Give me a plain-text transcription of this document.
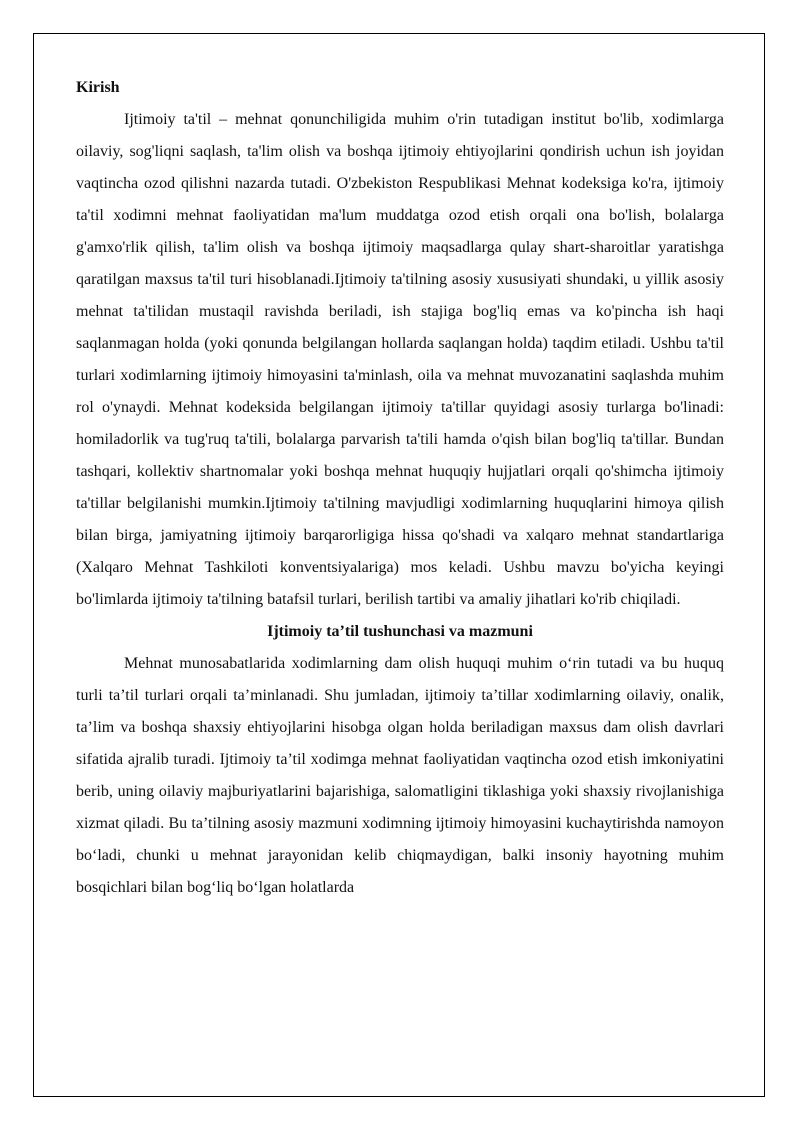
Kirish

Ijtimoiy ta'til – mehnat qonunchiligida muhim o'rin tutadigan institut bo'lib, xodimlarga oilaviy, sog'liqni saqlash, ta'lim olish va boshqa ijtimoiy ehtiyojlarini qondirish uchun ish joyidan vaqtincha ozod qilishni nazarda tutadi. O'zbekiston Respublikasi Mehnat kodeksiga ko'ra, ijtimoiy ta'til xodimni mehnat faoliyatidan ma'lum muddatga ozod etish orqali ona bo'lish, bolalarga g'amxo'rlik qilish, ta'lim olish va boshqa ijtimoiy maqsadlarga qulay shart-sharoitlar yaratishga qaratilgan maxsus ta'til turi hisoblanadi.Ijtimoiy ta'tilning asosiy xususiyati shundaki, u yillik asosiy mehnat ta'tilidan mustaqil ravishda beriladi, ish stajiga bog'liq emas va ko'pincha ish haqi saqlanmagan holda (yoki qonunda belgilangan hollarda saqlangan holda) taqdim etiladi. Ushbu ta'til turlari xodimlarning ijtimoiy himoyasini ta'minlash, oila va mehnat muvozanatini saqlashda muhim rol o'ynaydi. Mehnat kodeksida belgilangan ijtimoiy ta'tillar quyidagi asosiy turlarga bo'linadi: homiladorlik va tug'ruq ta'tili, bolalarga parvarish ta'tili hamda o'qish bilan bog'liq ta'tillar. Bundan tashqari, kollektiv shartnomalar yoki boshqa mehnat huquqiy hujjatlari orqali qo'shimcha ijtimoiy ta'tillar belgilanishi mumkin.Ijtimoiy ta'tilning mavjudligi xodimlarning huquqlarini himoya qilish bilan birga, jamiyatning ijtimoiy barqarorligiga hissa qo'shadi va xalqaro mehnat standartlariga (Xalqaro Mehnat Tashkiloti konventsiyalariga) mos keladi. Ushbu mavzu bo'yicha keyingi bo'limlarda ijtimoiy ta'tilning batafsil turlari, berilish tartibi va amaliy jihatlari ko'rib chiqiladi.

Ijtimoiy ta’til tushunchasi va mazmuni

Mehnat munosabatlarida xodimlarning dam olish huquqi muhim o‘rin tutadi va bu huquq turli ta’til turlari orqali ta’minlanadi. Shu jumladan, ijtimoiy ta’tillar xodimlarning oilaviy, onalik, ta’lim va boshqa shaxsiy ehtiyojlarini hisobga olgan holda beriladigan maxsus dam olish davrlari sifatida ajralib turadi. Ijtimoiy ta’til xodimga mehnat faoliyatidan vaqtincha ozod etish imkoniyatini berib, uning oilaviy majburiyatlarini bajarishiga, salomatligini tiklashiga yoki shaxsiy rivojlanishiga xizmat qiladi. Bu ta’tilning asosiy mazmuni xodimning ijtimoiy himoyasini kuchaytirishda namoyon bo‘ladi, chunki u mehnat jarayonidan kelib chiqmaydigan, balki insoniy hayotning muhim bosqichlari bilan bog‘liq bo‘lgan holatlarda
